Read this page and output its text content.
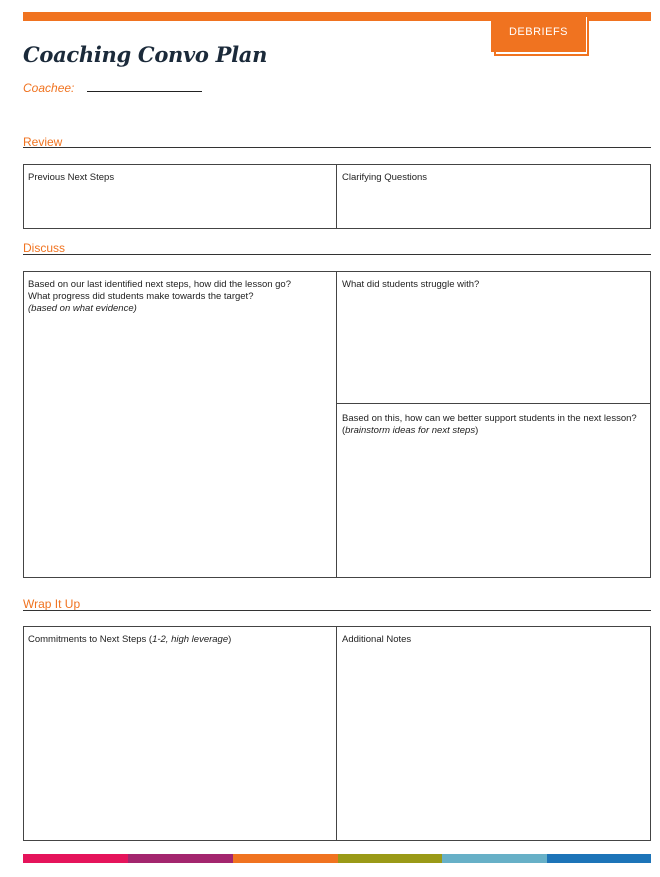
DEBRIEFS
Coaching Convo Plan
Coachee:
Review
Previous Next Steps	Clarifying Questions
Discuss
Based on our last identified next steps, how did the lesson go?
What progress did students make towards the target?
(based on what evidence)
What did students struggle with?
Based on this, how can we better support students in the next lesson? (brainstorm ideas for next steps)
Wrap It Up
Commitments to Next Steps (1-2, high leverage)	Additional Notes
